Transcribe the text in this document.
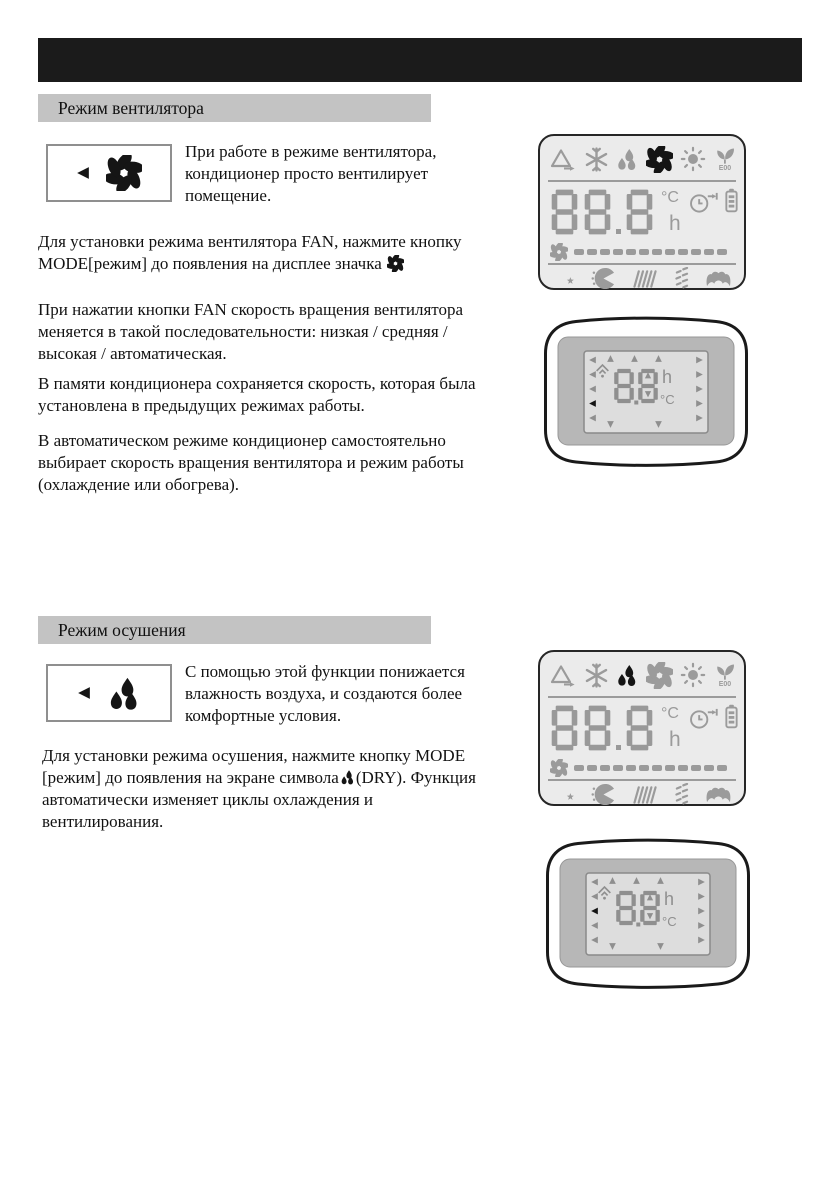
Режим вентилятора
При работе в режиме вентилятора, кондиционер просто вентилирует помещение.
Для установки режима вентилятора FAN, нажмите кнопку MODE[режим] до появления на дисплее значка
При нажатии кнопки FAN скорость вращения вентилятора меняется в такой последовательности: низкая / средняя / высокая / автоматическая.
В памяти кондиционера сохраняется скорость, которая была установлена в предыдущих режимах работы.
В автоматическом режиме кондиционер самостоятельно выбирает скорость вращения вентилятора и режим работы (охлаждение или обогрева).
E00
°C
h
h
°C
Режим осушения
С помощью этой функции понижается влажность воздуха, и создаются более комфортные условия.
Для установки режима осушения, нажмите кнопку MODE [режим] до появления на экране символа (DRY). Функция автоматически изменяет циклы охлаждения и вентилирования.
E00
°C
h
h
°C
